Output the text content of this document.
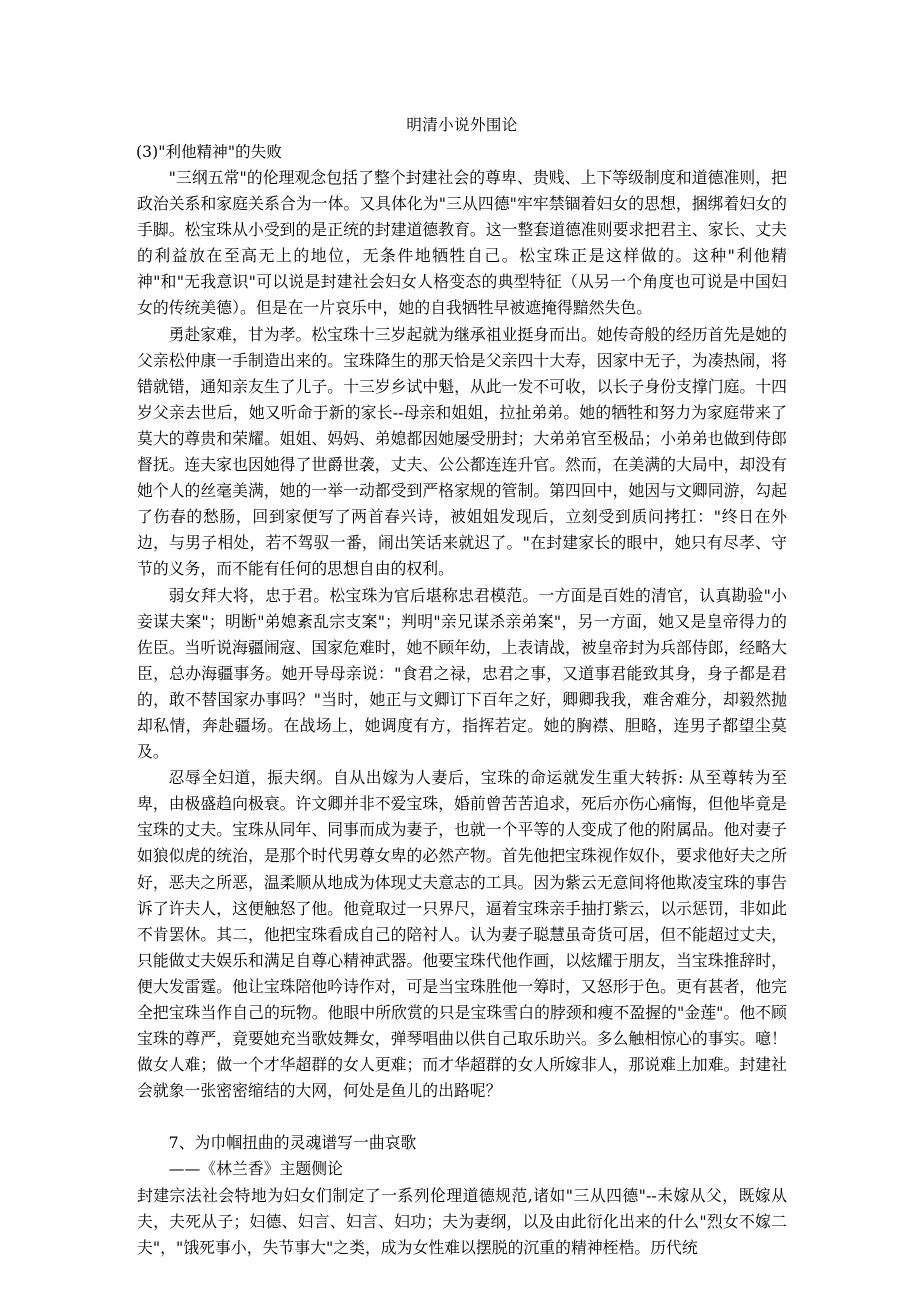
明清小说外围论
(3)"利他精神"的失败

"三纲五常"的伦理观念包括了整个封建社会的尊卑、贵贱、上下等级制度和道德准则，把政治关系和家庭关系合为一体。又具体化为"三从四德"牢牢禁锢着妇女的思想，捆绑着妇女的手脚。松宝珠从小受到的是正统的封建道德教育。这一整套道德准则要求把君主、家长、丈夫的利益放在至高无上的地位，无条件地牺牲自己。松宝珠正是这样做的。这种"利他精神"和"无我意识"可以说是封建社会妇女人格变态的典型特征（从另一个角度也可说是中国妇女的传统美德）。但是在一片哀乐中，她的自我牺牲早被遮掩得黯然失色。

勇赴家难，甘为孝。松宝珠十三岁起就为继承祖业挺身而出。她传奇般的经历首先是她的父亲松仲康一手制造出来的。宝珠降生的那天恰是父亲四十大寿，因家中无子，为凑热闹，将错就错，通知亲友生了儿子。十三岁乡试中魁，从此一发不可收，以长子身份支撑门庭。十四岁父亲去世后，她又听命于新的家长--母亲和姐姐，拉扯弟弟。她的牺牲和努力为家庭带来了莫大的尊贵和荣耀。姐姐、妈妈、弟媳都因她屡受册封；大弟弟官至极品；小弟弟也做到侍郎督抚。连夫家也因她得了世爵世袭，丈夫、公公都连连升官。然而，在美满的大局中，却没有她个人的丝毫美满，她的一举一动都受到严格家规的管制。第四回中，她因与文卿同游，勾起了伤春的愁肠，回到家便写了两首春兴诗，被姐姐发现后，立刻受到质问拷扛："终日在外边，与男子相处，若不驾驭一番，闹出笑话来就迟了。"在封建家长的眼中，她只有尽孝、守节的义务，而不能有任何的思想自由的权利。

弱女拜大将，忠于君。松宝珠为官后堪称忠君模范。一方面是百姓的清官，认真勘验"小妾谋夫案"；明断"弟媳紊乱宗支案"；判明"亲兄谋杀亲弟案"，另一方面，她又是皇帝得力的佐臣。当听说海疆闹寇、国家危难时，她不顾年幼，上表请战，被皇帝封为兵部侍郎，经略大臣，总办海疆事务。她开导母亲说："食君之禄，忠君之事，又道事君能致其身，身子都是君的，敢不替国家办事吗？"当时，她正与文卿订下百年之好，卿卿我我，难舍难分，却毅然抛却私情，奔赴疆场。在战场上，她调度有方，指挥若定。她的胸襟、胆略，连男子都望尘莫及。

忍辱全妇道，振夫纲。自从出嫁为人妻后，宝珠的命运就发生重大转拆: 从至尊转为至卑，由极盛趋向极衰。许文卿并非不爱宝珠，婚前曾苦苦追求，死后亦伤心痛悔，但他毕竟是宝珠的丈夫。宝珠从同年、同事而成为妻子，也就一个平等的人变成了他的附属品。他对妻子如狼似虎的统治，是那个时代男尊女卑的必然产物。首先他把宝珠视作奴仆，要求他好夫之所好，恶夫之所恶，温柔顺从地成为体现丈夫意志的工具。因为紫云无意间将他欺凌宝珠的事告诉了许夫人，这便触怒了他。他竟取过一只界尺，逼着宝珠亲手抽打紫云，以示惩罚，非如此不肯罢休。其二，他把宝珠看成自己的陪衬人。认为妻子聪慧虽奇货可居，但不能超过丈夫，只能做丈夫娱乐和满足自尊心精神武器。他要宝珠代他作画，以炫耀于朋友，当宝珠推辞时，便大发雷霆。他让宝珠陪他吟诗作对，可是当宝珠胜他一筹时，又怒形于色。更有甚者，他完全把宝珠当作自己的玩物。他眼中所欣赏的只是宝珠雪白的脖颈和瘦不盈握的"金莲"。他不顾宝珠的尊严，竟要她充当歌妓舞女，弹琴唱曲以供自己取乐助兴。多么触相惊心的事实。噫！做女人难；做一个才华超群的女人更难；而才华超群的女人所嫁非人，那说难上加难。封建社会就象一张密密缩结的大网，何处是鱼儿的出路呢？

7、为巾帼扭曲的灵魂谱写一曲哀歌
——《林兰香》主题侧论

封建宗法社会特地为妇女们制定了一系列伦理道德规范,诸如"三从四德"--未嫁从父，既嫁从夫，夫死从子；妇德、妇言、妇言、妇功；夫为妻纲，以及由此衍化出来的什么"烈女不嫁二夫"，"饿死事小，失节事大"之类，成为女性难以摆脱的沉重的精神桎梏。历代统
